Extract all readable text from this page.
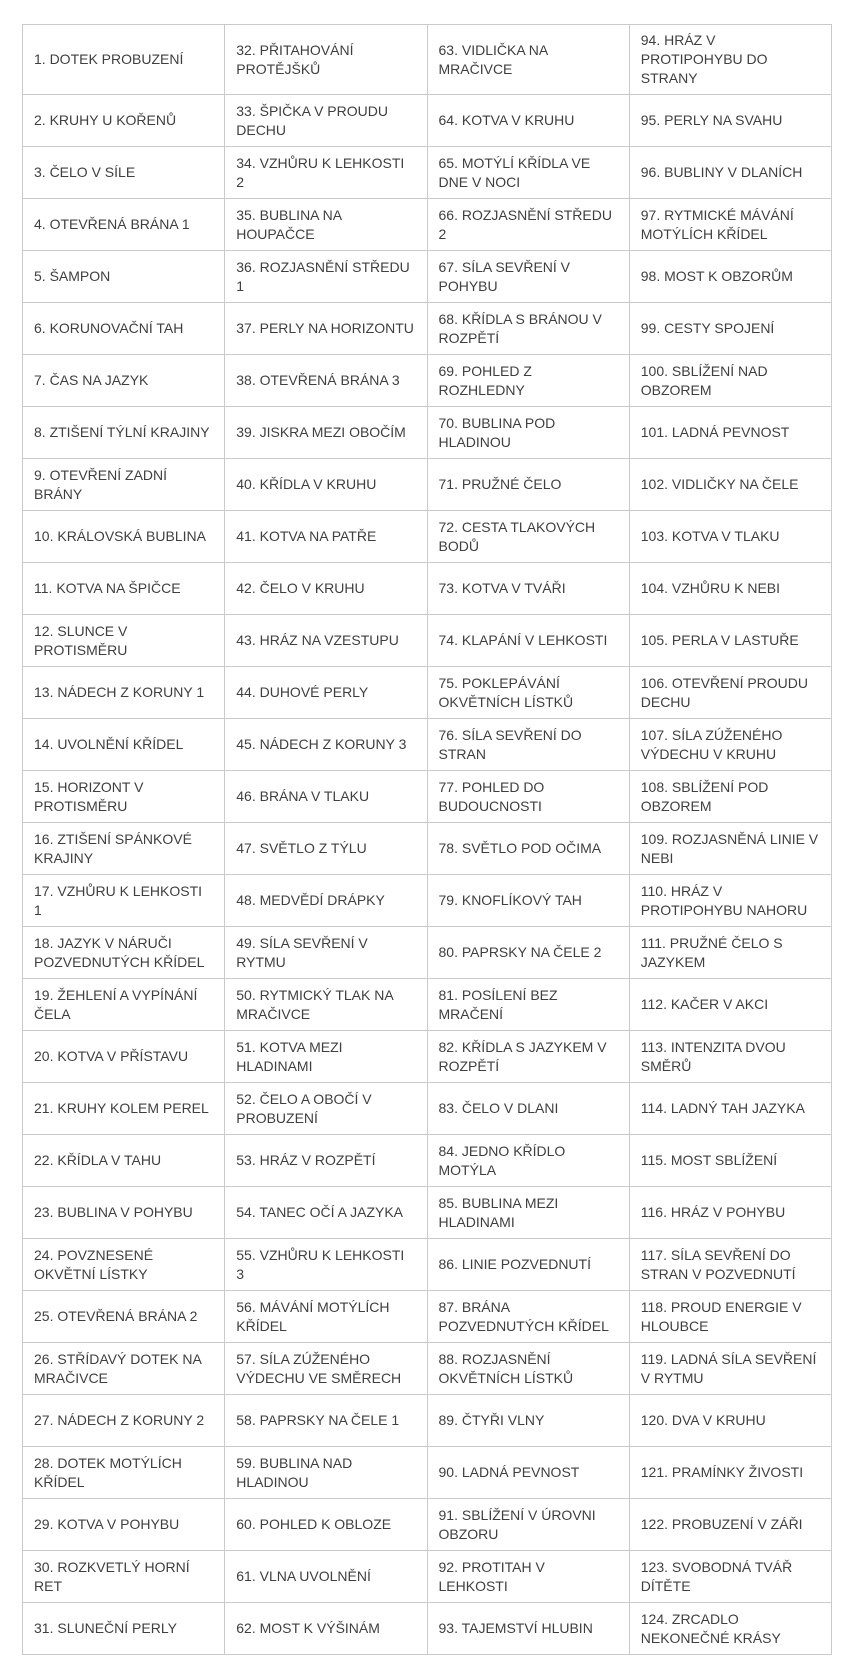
1. DOTEK PROBUZENÍ	32. PŘITAHOVÁNÍ PROTĚJŠKŮ	63. VIDLIČKA NA MRAČIVCE	94. HRÁZ V PROTIPOHYBU DO STRANY
2. KRUHY U KOŘENŮ	33. ŠPIČKA V PROUDU DECHU	64. KOTVA V KRUHU	95. PERLY NA SVAHU
3. ČELO V SÍLE	34. VZHŮRU K LEHKOSTI 2	65. MOTÝLÍ KŘÍDLA VE DNE V NOCI	96. BUBLINY V DLANÍCH
4. OTEVŘENÁ BRÁNA 1	35. BUBLINA NA HOUPAČCE	66. ROZJASNĚNÍ STŘEDU 2	97. RYTMICKÉ MÁVÁNÍ MOTÝLÍCH KŘÍDEL
5. ŠAMPON	36. ROZJASNĚNÍ STŘEDU 1	67. SÍLA SEVŘENÍ V POHYBU	98. MOST K OBZORŮM
6. KORUNOVAČNÍ TAH	37. PERLY NA HORIZONTU	68. KŘÍDLA S BRÁNOU V ROZPĚTÍ	99. CESTY SPOJENÍ
7. ČAS NA JAZYK	38. OTEVŘENÁ BRÁNA 3	69. POHLED Z ROZHLEDNY	100. SBLÍŽENÍ NAD OBZOREM
8. ZTIŠENÍ TÝLNÍ KRAJINY	39. JISKRA MEZI OBOČÍM	70. BUBLINA POD HLADINOU	101. LADNÁ PEVNOST
9. OTEVŘENÍ ZADNÍ BRÁNY	40. KŘÍDLA V KRUHU	71. PRUŽNÉ ČELO	102. VIDLIČKY NA ČELE
10. KRÁLOVSKÁ BUBLINA	41. KOTVA NA PATŘE	72. CESTA TLAKOVÝCH BODŮ	103. KOTVA V TLAKU
11. KOTVA NA ŠPIČCE	42. ČELO V KRUHU	73. KOTVA V TVÁŘI	104. VZHŮRU K NEBI
12. SLUNCE V PROTISMĚRU	43. HRÁZ NA VZESTUPU	74. KLAPÁNÍ V LEHKOSTI	105. PERLA V LASTUŘE
13. NÁDECH Z KORUNY 1	44. DUHOVÉ PERLY	75. POKLEPÁVÁNÍ OKVĚTNÍCH LÍSTKŮ	106. OTEVŘENÍ PROUDU DECHU
14. UVOLNĚNÍ KŘÍDEL	45. NÁDECH Z KORUNY 3	76. SÍLA SEVŘENÍ DO STRAN	107. SÍLA ZÚŽENÉHO VÝDECHU V KRUHU
15. HORIZONT V PROTISMĚRU	46. BRÁNA V TLAKU	77. POHLED DO BUDOUCNOSTI	108. SBLÍŽENÍ POD OBZOREM
16. ZTIŠENÍ SPÁNKOVÉ KRAJINY	47. SVĚTLO Z TÝLU	78. SVĚTLO POD OČIMA	109. ROZJASNĚNÁ LINIE V NEBI
17. VZHŮRU K LEHKOSTI 1	48. MEDVĚDÍ DRÁPKY	79. KNOFLÍKOVÝ TAH	110. HRÁZ V PROTIPOHYBU NAHORU
18. JAZYK V NÁRUČI POZVEDNUTÝCH KŘÍDEL	49. SÍLA SEVŘENÍ V RYTMU	80. PAPRSKY NA ČELE 2	111. PRUŽNÉ ČELO S JAZYKEM
19. ŽEHLENÍ A VYPÍNÁNÍ ČELA	50. RYTMICKÝ TLAK NA MRAČIVCE	81. POSÍLENÍ BEZ MRAČENÍ	112. KAČER V AKCI
20. KOTVA V PŘÍSTAVU	51. KOTVA MEZI HLADINAMI	82. KŘÍDLA S JAZYKEM V ROZPĚTÍ	113. INTENZITA DVOU SMĚRŮ
21. KRUHY KOLEM PEREL	52. ČELO A OBOČÍ V PROBUZENÍ	83. ČELO V DLANI	114. LADNÝ TAH JAZYKA
22. KŘÍDLA V TAHU	53. HRÁZ V ROZPĚTÍ	84. JEDNO KŘÍDLO MOTÝLA	115. MOST SBLÍŽENÍ
23. BUBLINA V POHYBU	54. TANEC OČÍ A JAZYKA	85. BUBLINA MEZI HLADINAMI	116. HRÁZ V POHYBU
24. POVZNESENÉ OKVĚTNÍ LÍSTKY	55. VZHŮRU K LEHKOSTI 3	86. LINIE POZVEDNUTÍ	117. SÍLA SEVŘENÍ DO STRAN V POZVEDNUTÍ
25. OTEVŘENÁ BRÁNA 2	56. MÁVÁNÍ MOTÝLÍCH KŘÍDEL	87. BRÁNA POZVEDNUTÝCH KŘÍDEL	118. PROUD ENERGIE V HLOUBCE
26. STŘÍDAVÝ DOTEK NA MRAČIVCE	57. SÍLA ZÚŽENÉHO VÝDECHU VE SMĚRECH	88. ROZJASNĚNÍ OKVĚTNÍCH LÍSTKŮ	119. LADNÁ SÍLA SEVŘENÍ V RYTMU
27. NÁDECH Z KORUNY 2	58. PAPRSKY NA ČELE 1	89. ČTYŘI VLNY	120. DVA V KRUHU
28. DOTEK MOTÝLÍCH KŘÍDEL	59. BUBLINA NAD HLADINOU	90. LADNÁ PEVNOST	121. PRAMÍNKY ŽIVOSTI
29. KOTVA V POHYBU	60. POHLED K OBLOZE	91. SBLÍŽENÍ V ÚROVNI OBZORU	122. PROBUZENÍ V ZÁŘI
30. ROZKVETLÝ HORNÍ RET	61. VLNA UVOLNĚNÍ	92. PROTITAH V LEHKOSTI	123. SVOBODNÁ TVÁŘ DÍTĚTE
31. SLUNEČNÍ PERLY	62. MOST K VÝŠINÁM	93. TAJEMSTVÍ HLUBIN	124. ZRCADLO NEKONEČNÉ KRÁSY
